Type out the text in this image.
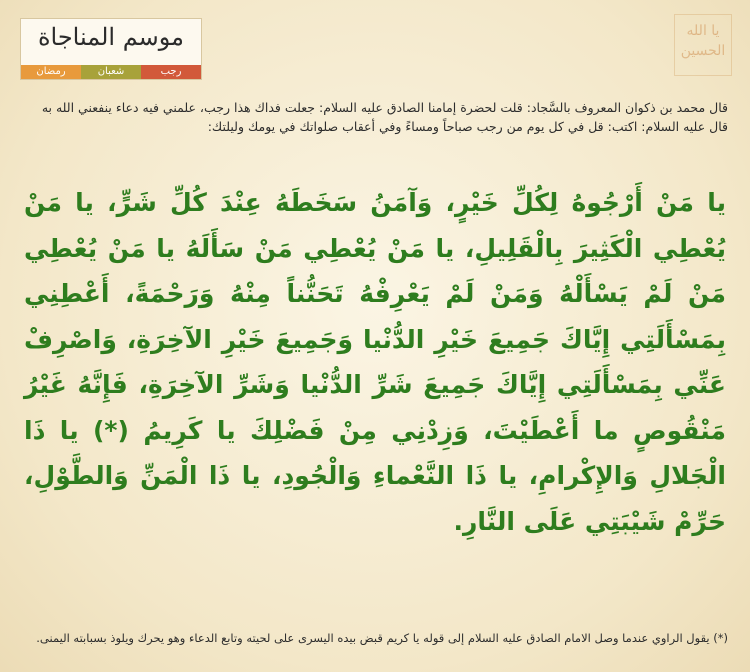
موسم المناجاة
رمضان	شعبان	رجب
يا الله
الحسين
قال محمد بن ذكوان المعروف بالسَّجاد: قلت لحضرة إمامنا الصادق عليه السلام: جعلت فداك هذا رجب، علمني فيه دعاء ينفعني الله به قال عليه السلام: اكتب: قل في كل يوم من رجب صباحاً ومساءً وفي أعقاب صلواتك في يومك وليلتك:
يا مَنْ أَرْجُوهُ لِكُلِّ خَيْرٍ، وَآمَنُ سَخَطَهُ عِنْدَ كُلِّ شَرٍّ، يا مَنْ يُعْطِي الْكَثِيرَ بِالْقَلِيلِ، يا مَنْ يُعْطِي مَنْ سَأَلَهُ يا مَنْ يُعْطِي مَنْ لَمْ يَسْأَلْهُ وَمَنْ لَمْ يَعْرِفْهُ تَحَنُّناً مِنْهُ وَرَحْمَةً، أَعْطِنِي بِمَسْأَلَتِي إِيَّاكَ جَمِيعَ خَيْرِ الدُّنْيا وَجَمِيعَ خَيْرِ الآخِرَةِ، وَاصْرِفْ عَنِّي بِمَسْأَلَتِي إِيَّاكَ جَمِيعَ شَرِّ الدُّنْيا وَشَرِّ الآخِرَةِ، فَإِنَّهُ غَيْرُ مَنْقُوصٍ ما أَعْطَيْتَ، وَزِدْنِي مِنْ فَضْلِكَ يا كَرِيمُ (*) يا ذَا الْجَلالِ وَالإِكْرامِ، يا ذَا النَّعْماءِ وَالْجُودِ، يا ذَا الْمَنِّ وَالطَّوْلِ، حَرِّمْ شَيْبَتِي عَلَى النَّارِ.
(*) يقول الراوي عندما وصل الامام الصادق عليه السلام إلى قوله يا كريم قبض بيده اليسرى على لحيته وتابع الدعاء وهو يحرك ويلوذ بسبابته اليمنى.
